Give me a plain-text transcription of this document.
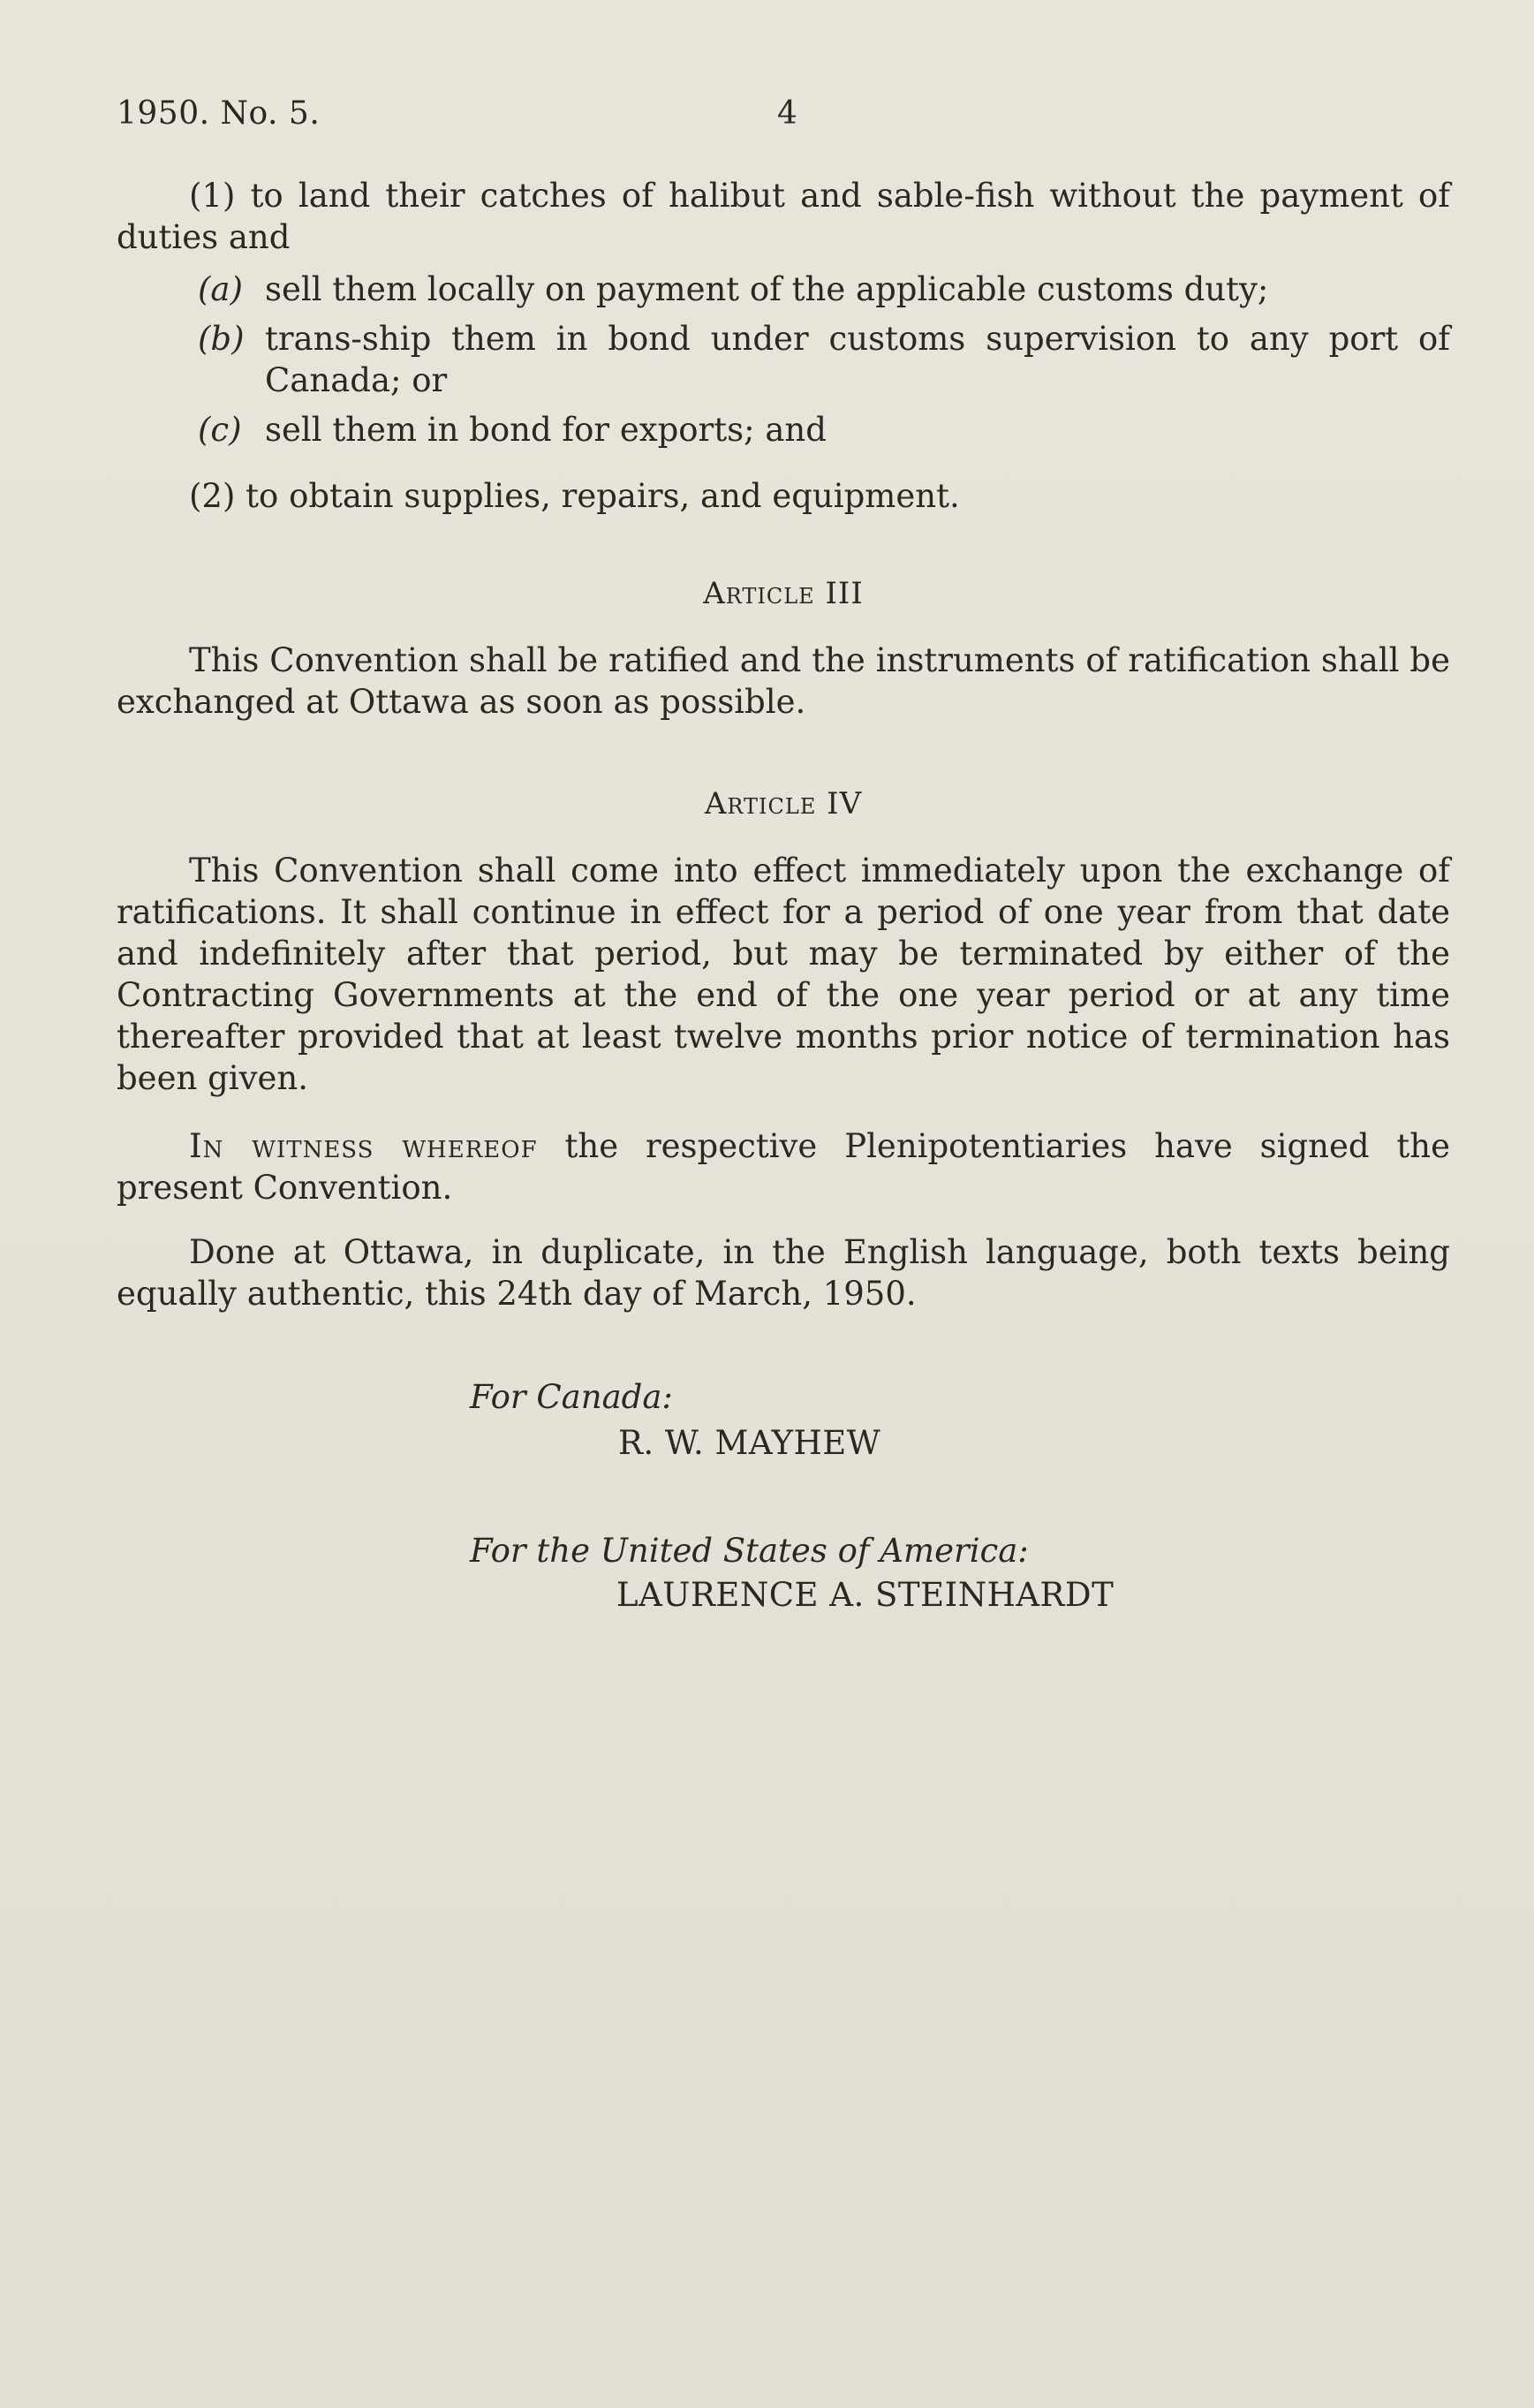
1950. No. 5.	4
(1) to land their catches of halibut and sable-fish without the payment of duties and
(a) sell them locally on payment of the applicable customs duty;
(b) trans-ship them in bond under customs supervision to any port of
Canada; or
(c) sell them in bond for exports; and
(2) to obtain supplies, repairs, and equipment.
Article III
This Convention shall be ratified and the instruments of ratification shall be exchanged at Ottawa as soon as possible.
Article IV
This Convention shall come into effect immediately upon the exchange of ratifications. It shall continue in effect for a period of one year from that date and indefinitely after that period, but may be terminated by either of the Contracting Governments at the end of the one year period or at any time thereafter provided that at least twelve months prior notice of termination has been given.
In witness whereof the respective Plenipotentiaries have signed the present Convention.
Done at Ottawa, in duplicate, in the English language, both texts being equally authentic, this 24th day of March, 1950.
For Canada:
R. W. MAYHEW
For the United States of America:
LAURENCE A. STEINHARDT
